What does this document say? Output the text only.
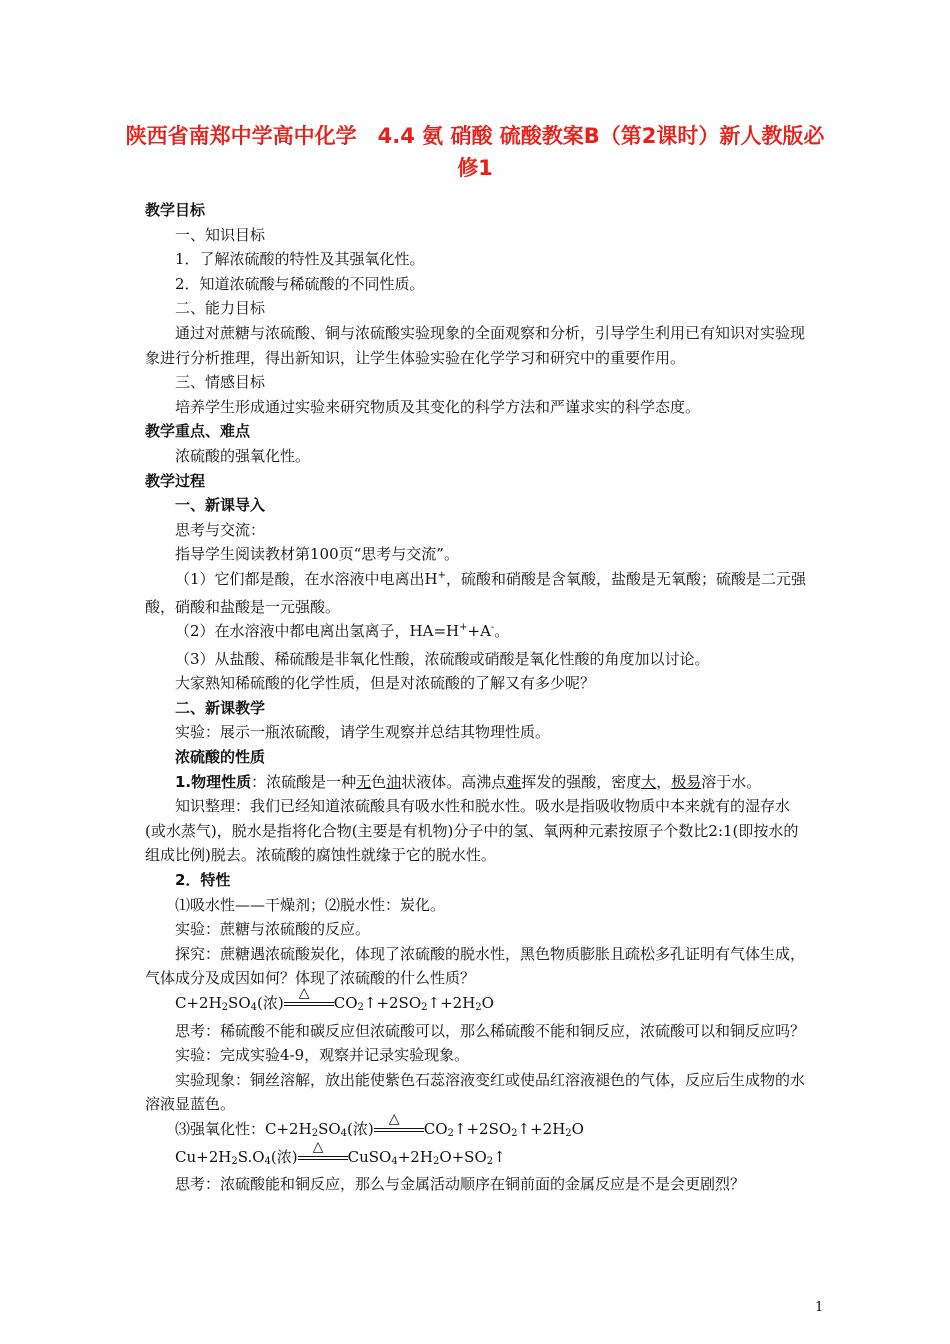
陕西省南郑中学高中化学　4.4 氨 硝酸 硫酸教案B（第2课时）新人教版必修1

教学目标

一、知识目标

1．了解浓硫酸的特性及其强氧化性。

2．知道浓硫酸与稀硫酸的不同性质。

二、能力目标

通过对蔗糖与浓硫酸、铜与浓硫酸实验现象的全面观察和分析，引导学生利用已有知识对实验现象进行分析推理，得出新知识，让学生体验实验在化学学习和研究中的重要作用。

三、情感目标

培养学生形成通过实验来研究物质及其变化的科学方法和严谨求实的科学态度。

教学重点、难点

浓硫酸的强氧化性。

教学过程

一、新课导入

思考与交流：

指导学生阅读教材第100页“思考与交流”。

（1）它们都是酸，在水溶液中电离出H+，硫酸和硝酸是含氧酸，盐酸是无氧酸；硫酸是二元强酸，硝酸和盐酸是一元强酸。

（2）在水溶液中都电离出氢离子，HA=H++A-。

（3）从盐酸、稀硫酸是非氧化性酸，浓硫酸或硝酸是氧化性酸的角度加以讨论。

大家熟知稀硫酸的化学性质，但是对浓硫酸的了解又有多少呢？

二、新课教学

实验：展示一瓶浓硫酸，请学生观察并总结其物理性质。

浓硫酸的性质

1.物理性质：浓硫酸是一种无色油状液体。高沸点难挥发的强酸，密度大，极易溶于水。

知识整理：我们已经知道浓硫酸具有吸水性和脱水性。吸水是指吸收物质中本来就有的湿存水(或水蒸气)，脱水是指将化合物(主要是有机物)分子中的氢、氧两种元素按原子个数比2:1(即按水的组成比例)脱去。浓硫酸的腐蚀性就缘于它的脱水性。

2．特性

⑴吸水性——干燥剂；⑵脱水性：炭化。

实验：蔗糖与浓硫酸的反应。

探究：蔗糖遇浓硫酸炭化，体现了浓硫酸的脱水性，黑色物质膨胀且疏松多孔证明有气体生成，气体成分及成因如何？体现了浓硫酸的什么性质？

C+2H2SO4(浓)
△
CO2↑+2SO2↑+2H2O

思考：稀硫酸不能和碳反应但浓硫酸可以，那么稀硫酸不能和铜反应，浓硫酸可以和铜反应吗？

实验：完成实验4-9，观察并记录实验现象。

实验现象：铜丝溶解，放出能使紫色石蕊溶液变红或使品红溶液褪色的气体，反应后生成物的水溶液显蓝色。

⑶强氧化性：C+2H2SO4(浓)
△
CO2↑+2SO2↑+2H2O

Cu+2H2S.O4(浓)
△
CuSO4+2H2O+SO2↑

思考：浓硫酸能和铜反应，那么与金属活动顺序在铜前面的金属反应是不是会更剧烈？

1
